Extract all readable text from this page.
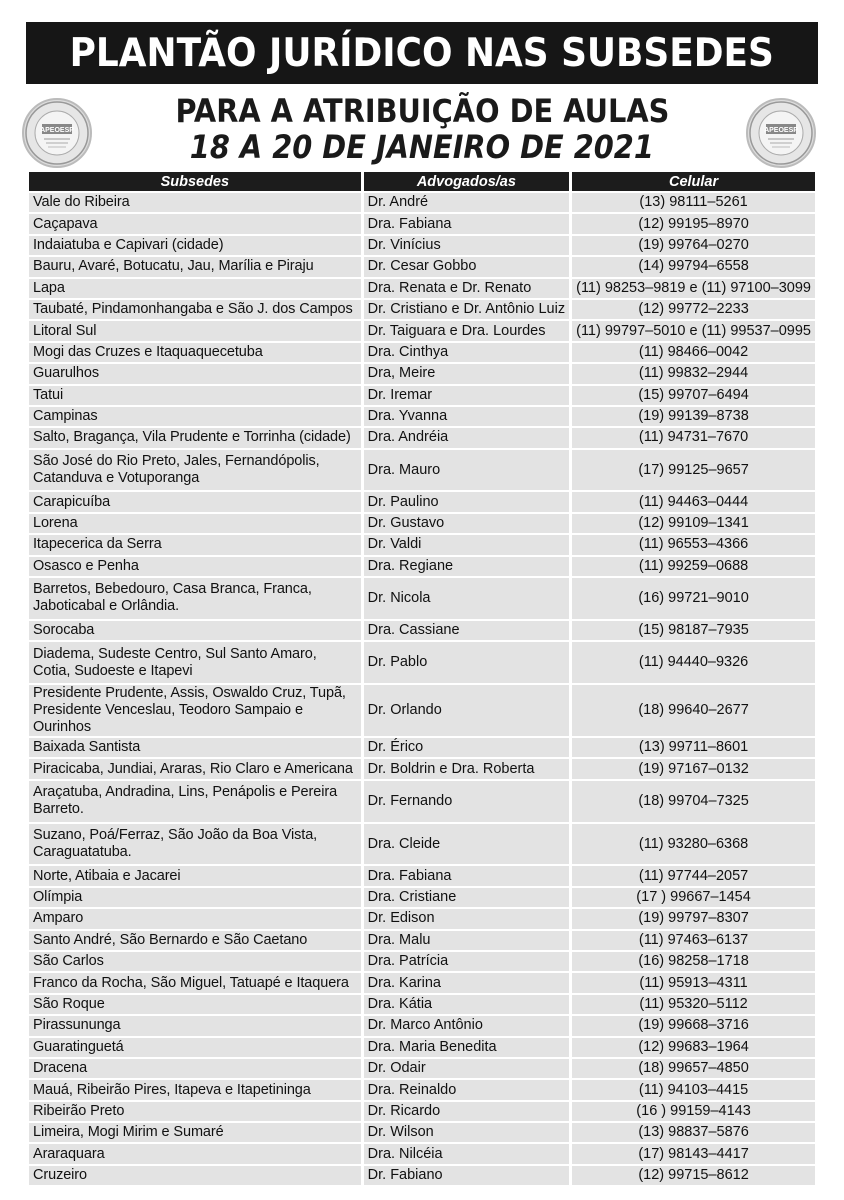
PLANTÃO JURÍDICO NAS SUBSEDES
APEOESP	APEOESP
PARA A ATRIBUIÇÃO DE AULAS
18 A 20 DE JANEIRO DE 2021
Subsedes	Advogados/as	Celular
Vale do Ribeira	Dr. André	(13) 98111–5261
Caçapava	Dra. Fabiana	(12) 99195–8970
Indaiatuba e Capivari (cidade)	Dr. Vinícius	(19) 99764–0270
Bauru, Avaré, Botucatu, Jau, Marília e Piraju	Dr. Cesar Gobbo	(14) 99794–6558
Lapa	Dra. Renata e Dr. Renato	(11) 98253–9819 e (11) 97100–3099
Taubaté, Pindamonhangaba e São J. dos Campos	Dr. Cristiano e Dr. Antônio Luiz	(12) 99772–2233
Litoral Sul	Dr. Taiguara e Dra. Lourdes	(11) 99797–5010 e (11) 99537–0995
Mogi das Cruzes e Itaquaquecetuba	Dra. Cinthya	(11) 98466–0042
Guarulhos	Dra, Meire	(11) 99832–2944
Tatui	Dr. Iremar	(15) 99707–6494
Campinas	Dra. Yvanna	(19) 99139–8738
Salto, Bragança, Vila Prudente e Torrinha (cidade)	Dra. Andréia	(11) 94731–7670
São José do Rio Preto, Jales, Fernandópolis, Catanduva e Votuporanga	Dra. Mauro	(17) 99125–9657
Carapicuíba	Dr. Paulino	(11) 94463–0444
Lorena	Dr. Gustavo	(12) 99109–1341
Itapecerica da Serra	Dr. Valdi	(11) 96553–4366
Osasco e Penha	Dra. Regiane	(11) 99259–0688
Barretos, Bebedouro, Casa Branca, Franca, Jaboticabal e Orlândia.	Dr. Nicola	(16) 99721–9010
Sorocaba	Dra. Cassiane	(15) 98187–7935
Diadema, Sudeste Centro, Sul Santo Amaro, Cotia, Sudoeste e Itapevi	Dr. Pablo	(11) 94440–9326
Presidente Prudente, Assis, Oswaldo Cruz, Tupã, Presidente Venceslau, Teodoro Sampaio e Ourinhos	Dr. Orlando	(18) 99640–2677
Baixada Santista	Dr. Érico	(13) 99711–8601
Piracicaba, Jundiai, Araras, Rio Claro e Americana	Dr. Boldrin e Dra. Roberta	(19) 97167–0132
Araçatuba, Andradina, Lins, Penápolis e Pereira Barreto.	Dr. Fernando	(18) 99704–7325
Suzano, Poá/Ferraz, São João da Boa Vista, Caraguatatuba.	Dra. Cleide	(11) 93280–6368
Norte, Atibaia e Jacarei	Dra. Fabiana	(11) 97744–2057
Olímpia	Dra. Cristiane	(17 ) 99667–1454
Amparo	Dr. Edison	(19) 99797–8307
Santo André, São Bernardo e São Caetano	Dra. Malu	(11) 97463–6137
São Carlos	Dra. Patrícia	(16) 98258–1718
Franco da Rocha, São Miguel, Tatuapé e Itaquera	Dra. Karina	(11) 95913–4311
São Roque	Dra. Kátia	(11) 95320–5112
Pirassununga	Dr. Marco Antônio	(19) 99668–3716
Guaratinguetá	Dra. Maria Benedita	(12) 99683–1964
Dracena	Dr. Odair	(18) 99657–4850
Mauá, Ribeirão Pires, Itapeva e Itapetininga	Dra. Reinaldo	(11) 94103–4415
Ribeirão Preto	Dr. Ricardo	(16 ) 99159–4143
Limeira, Mogi Mirim e Sumaré	Dr. Wilson	(13) 98837–5876
Araraquara	Dra. Nilcéia	(17) 98143–4417
Cruzeiro	Dr. Fabiano	(12) 99715–8612
